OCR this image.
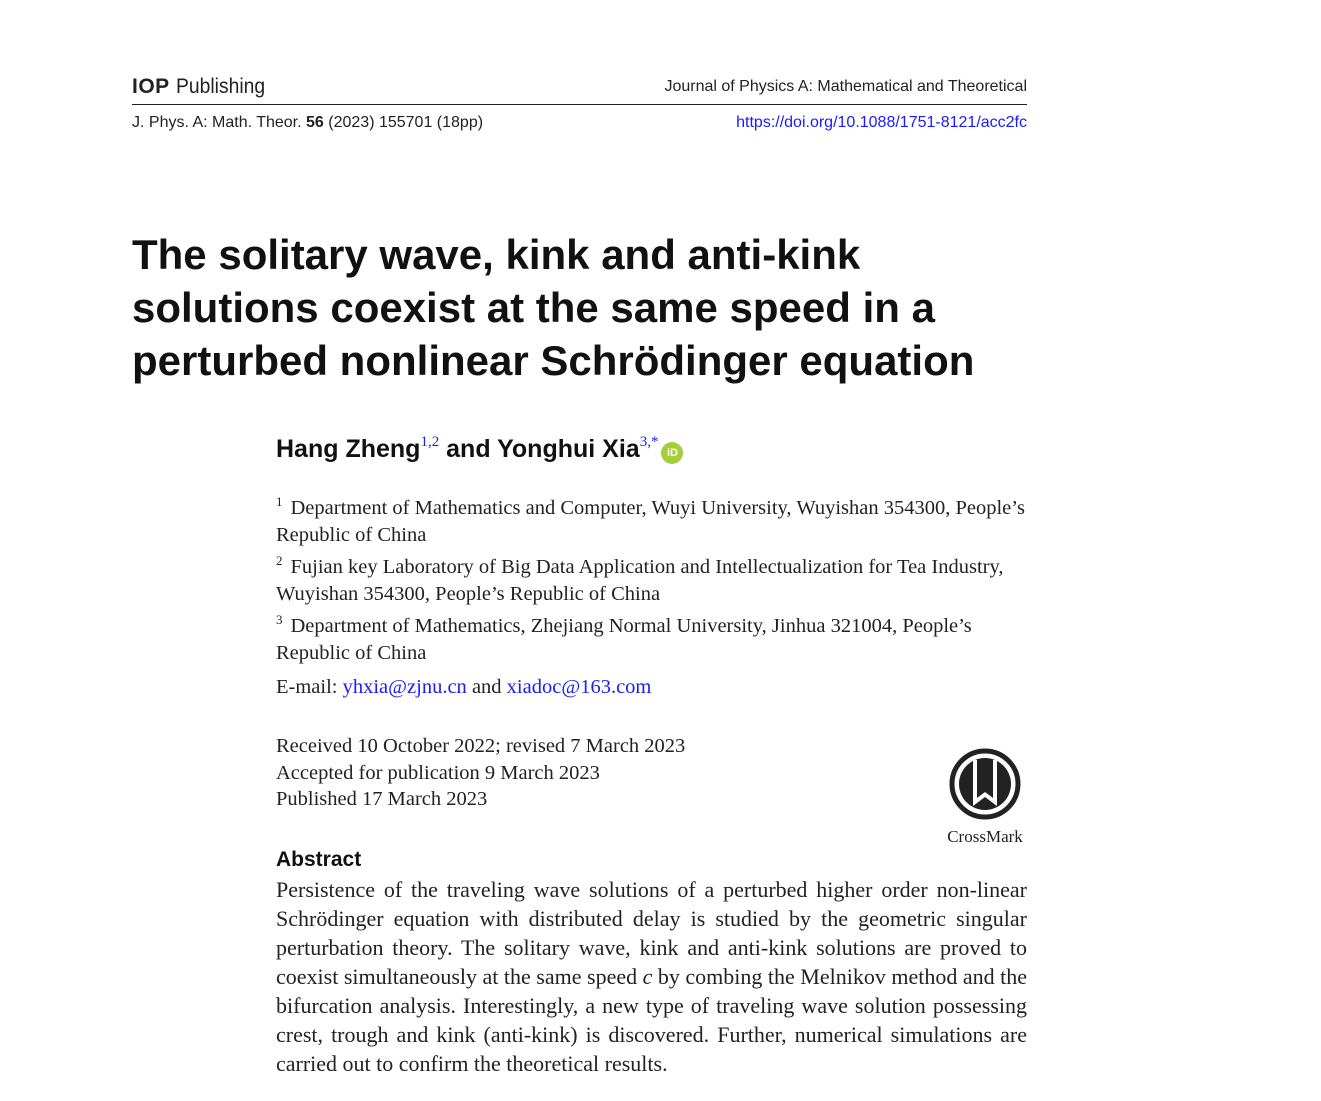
IOP Publishing	Journal of Physics A: Mathematical and Theoretical
J. Phys. A: Math. Theor. 56 (2023) 155701 (18pp)	https://doi.org/10.1088/1751-8121/acc2fc
The solitary wave, kink and anti-kink solutions coexist at the same speed in a perturbed nonlinear Schrödinger equation
Hang Zheng$^{1,2}$ and Yonghui Xia$^{3,*}$iD
$^1$ Department of Mathematics and Computer, Wuyi University, Wuyishan 354300, People’s Republic of China
$^2$ Fujian key Laboratory of Big Data Application and Intellectualization for Tea Industry, Wuyishan 354300, People’s Republic of China
$^3$ Department of Mathematics, Zhejiang Normal University, Jinhua 321004, People’s Republic of China
E-mail: yhxia@zjnu.cn and xiadoc@163.com
Received 10 October 2022; revised 7 March 2023
Accepted for publication 9 March 2023
Published 17 March 2023
CrossMark
Abstract

Persistence of the traveling wave solutions of a perturbed higher order non-linear Schrödinger equation with distributed delay is studied by the geometric singular perturbation theory. The solitary wave, kink and anti-kink solutions are proved to coexist simultaneously at the same speed c by combing the Melnikov method and the bifurcation analysis. Interestingly, a new type of traveling wave solution possessing crest, trough and kink (anti-kink) is discovered. Further, numerical simulations are carried out to confirm the theoretical results.
